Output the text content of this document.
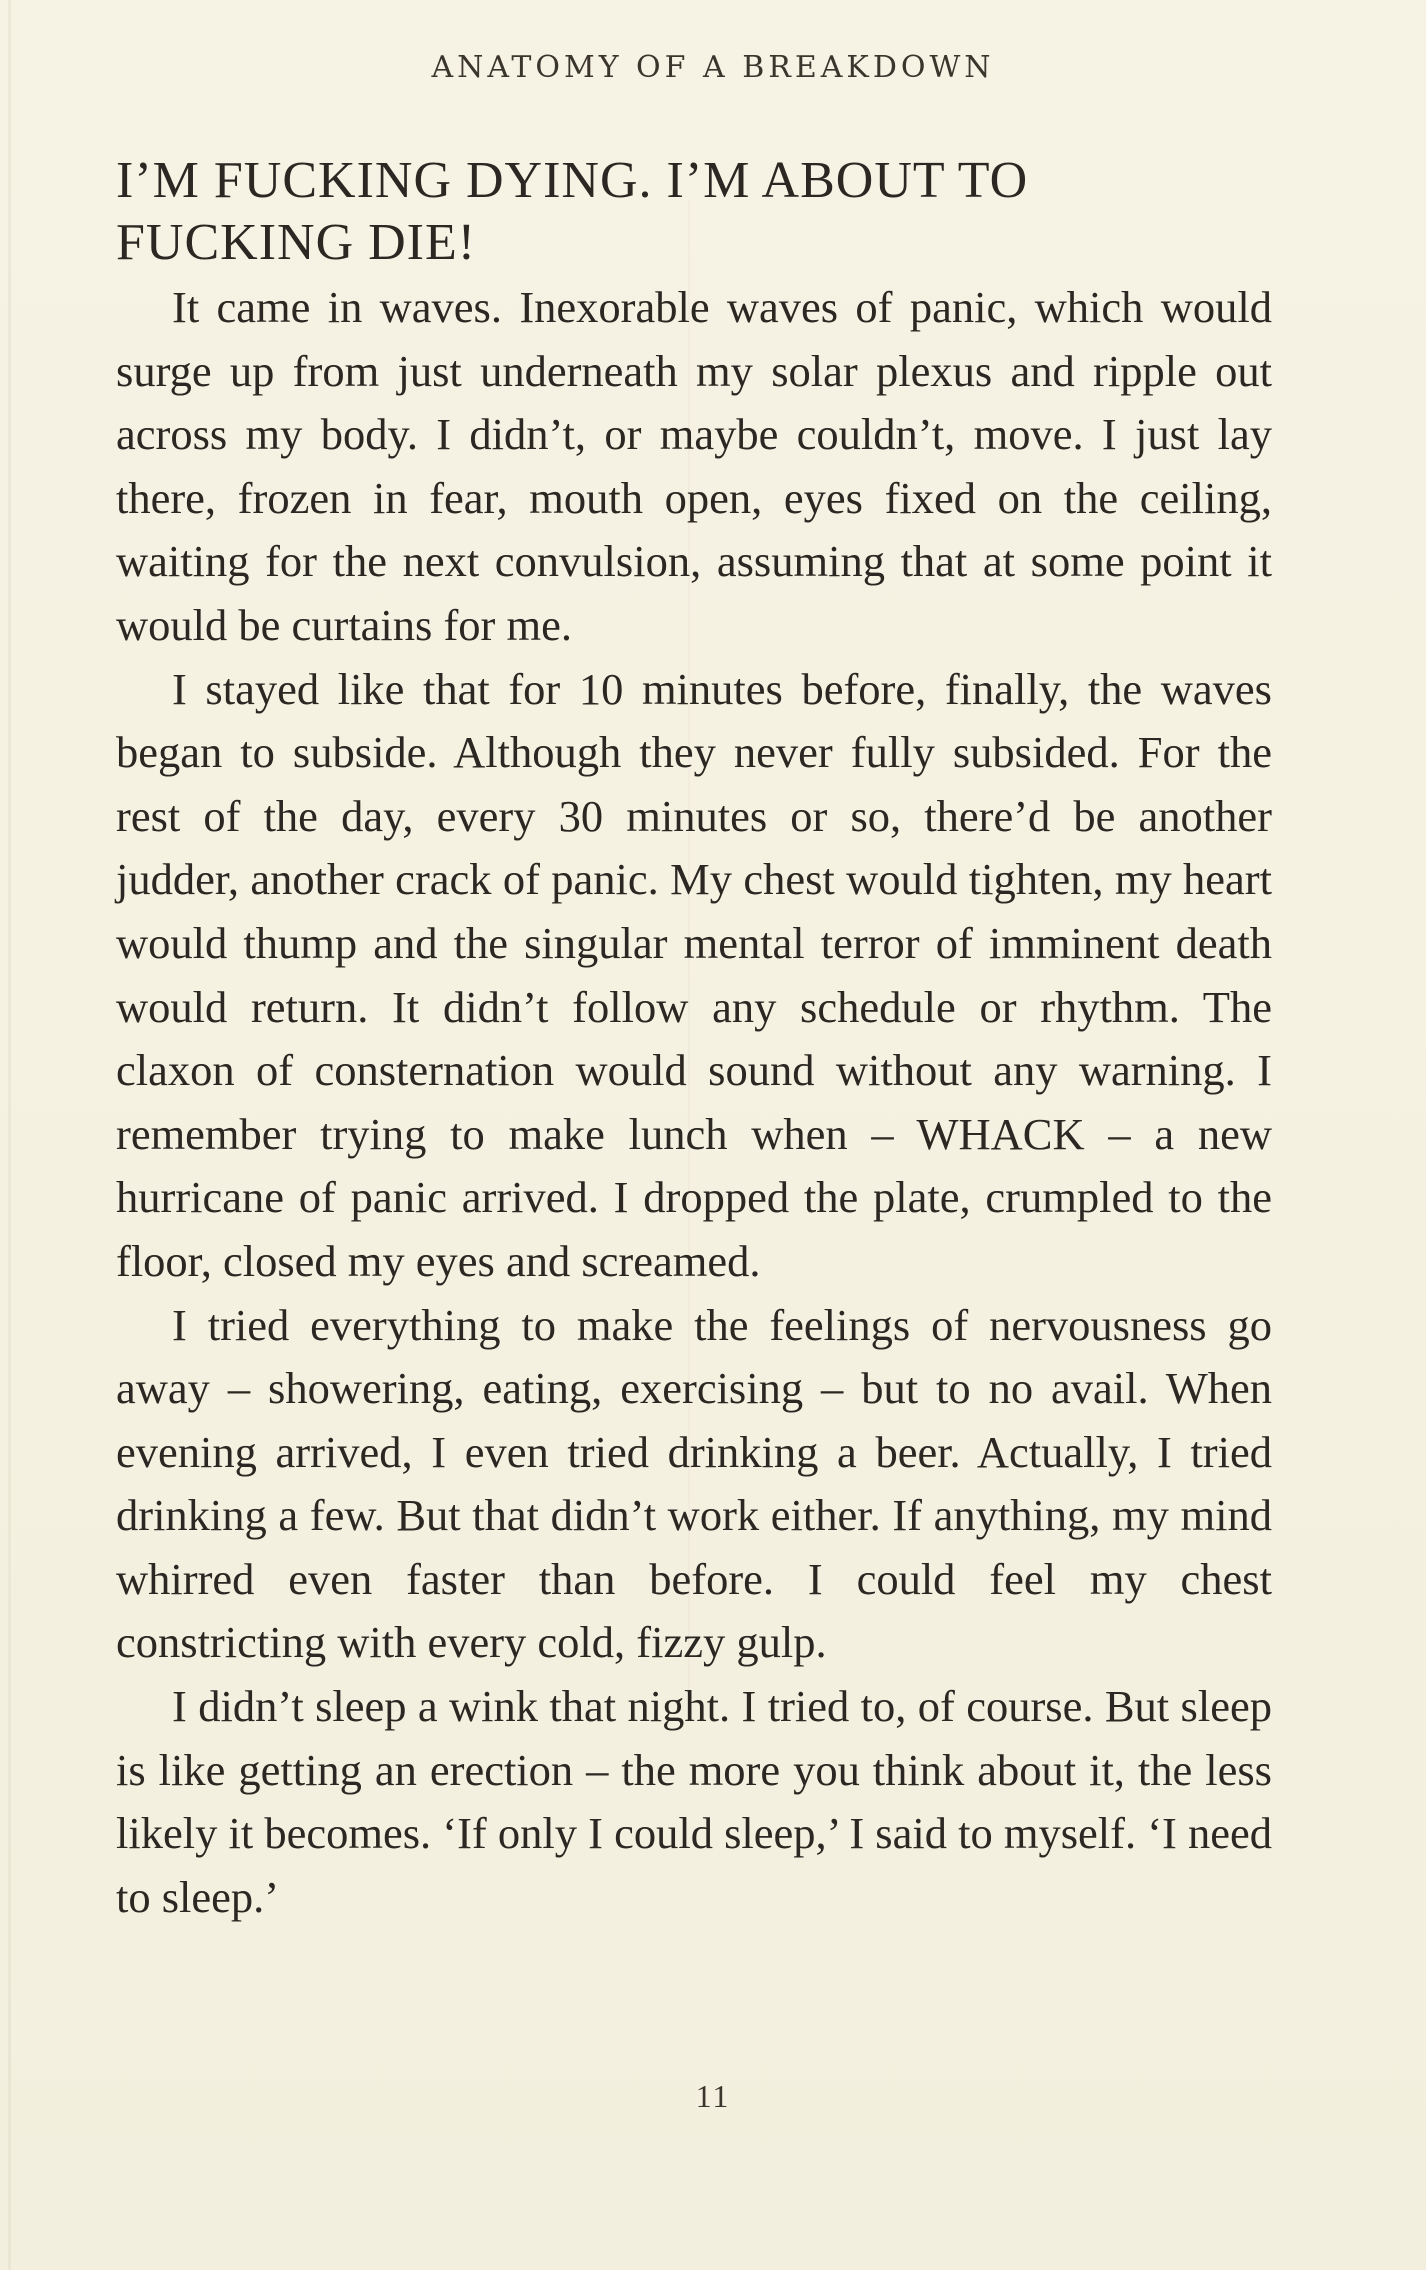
ANATOMY OF A BREAKDOWN
I’M FUCKING DYING. I’M ABOUT TO FUCKING DIE!

It came in waves. Inexorable waves of panic, which would surge up from just underneath my solar plexus and ripple out across my body. I didn’t, or maybe couldn’t, move. I just lay there, frozen in fear, mouth open, eyes fixed on the ceiling, waiting for the next convulsion, assuming that at some point it would be curtains for me.

I stayed like that for 10 minutes before, finally, the waves began to subside. Although they never fully subsided. For the rest of the day, every 30 minutes or so, there’d be another judder, another crack of panic. My chest would tighten, my heart would thump and the singular mental terror of imminent death would return. It didn’t follow any schedule or rhythm. The claxon of consternation would sound without any warning. I remember trying to make lunch when – WHACK – a new hurricane of panic arrived. I dropped the plate, crumpled to the floor, closed my eyes and screamed.

I tried everything to make the feelings of nervousness go away – showering, eating, exercising – but to no avail. When evening arrived, I even tried drinking a beer. Actually, I tried drinking a few. But that didn’t work either. If anything, my mind whirred even faster than before. I could feel my chest constricting with every cold, fizzy gulp.

I didn’t sleep a wink that night. I tried to, of course. But sleep is like getting an erection – the more you think about it, the less likely it becomes. ‘If only I could sleep,’ I said to myself. ‘I need to sleep.’

11
